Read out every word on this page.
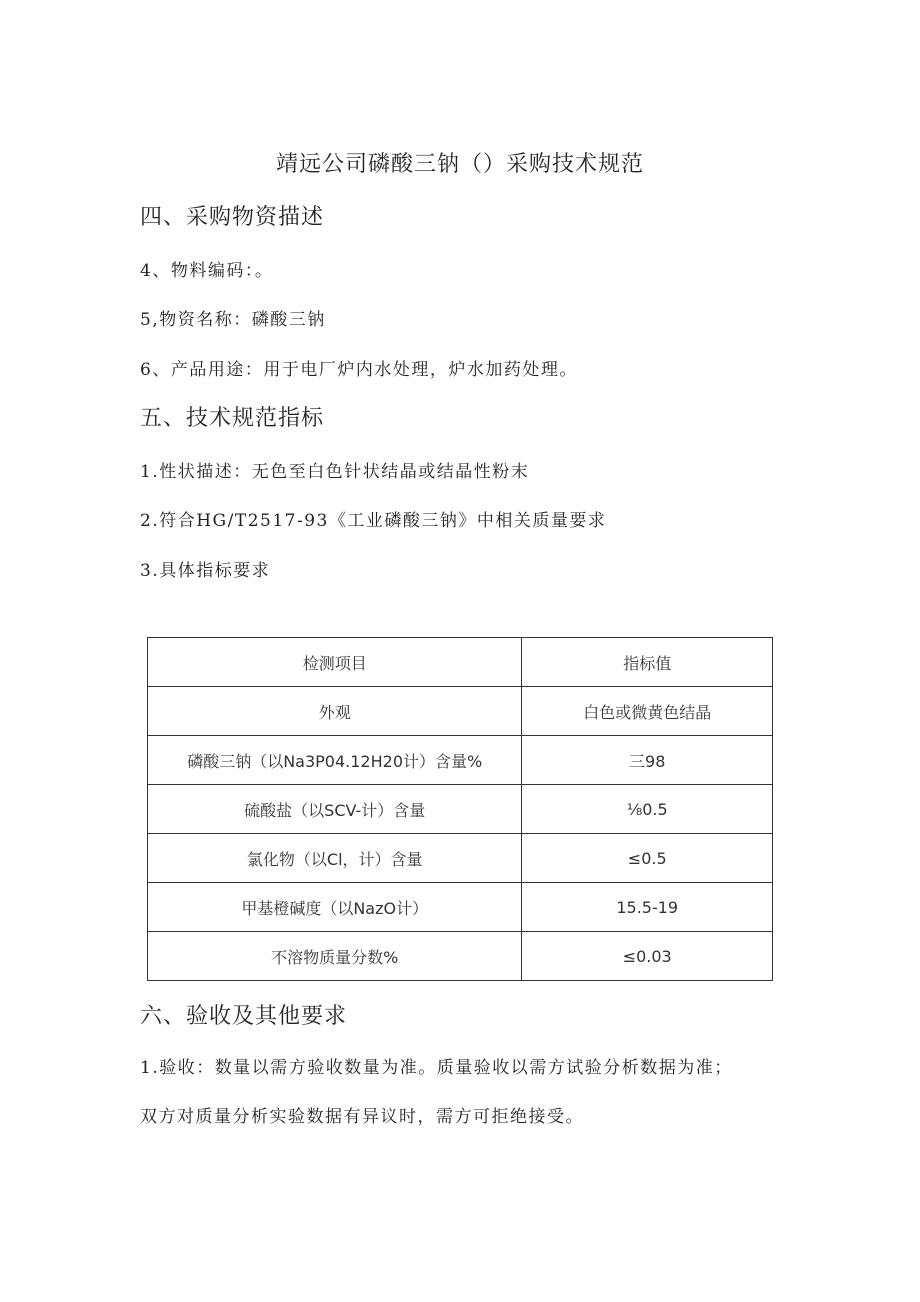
靖远公司磷酸三钠（）采购技术规范
四、采购物资描述
4、物料编码：。
5,物资名称：磷酸三钠
6、产品用途：用于电厂炉内水处理，炉水加药处理。
五、技术规范指标
1.性状描述：无色至白色针状结晶或结晶性粉末
2.符合HG/T2517-93《工业磷酸三钠》中相关质量要求
3.具体指标要求
检测项目	指标值
外观	白色或微黄色结晶
磷酸三钠（以Na3P04.12H20计）含量%	三98
硫酸盐（以SCV-计）含量	⅛0.5
氯化物（以Cl，计）含量	≤0.5
甲基橙碱度（以NazO计）	15.5-19
不溶物质量分数%	≤0.03
六、验收及其他要求
1.验收：数量以需方验收数量为准。质量验收以需方试验分析数据为准；
双方对质量分析实验数据有异议时，需方可拒绝接受。
